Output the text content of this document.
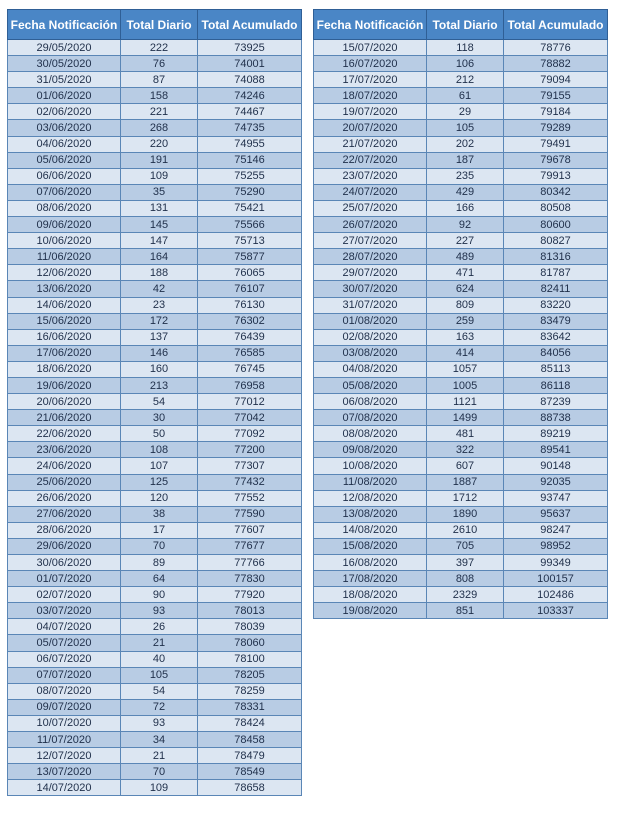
Fecha Notificación	Total Diario	Total Acumulado
29/05/2020	222	73925
30/05/2020	76	74001
31/05/2020	87	74088
01/06/2020	158	74246
02/06/2020	221	74467
03/06/2020	268	74735
04/06/2020	220	74955
05/06/2020	191	75146
06/06/2020	109	75255
07/06/2020	35	75290
08/06/2020	131	75421
09/06/2020	145	75566
10/06/2020	147	75713
11/06/2020	164	75877
12/06/2020	188	76065
13/06/2020	42	76107
14/06/2020	23	76130
15/06/2020	172	76302
16/06/2020	137	76439
17/06/2020	146	76585
18/06/2020	160	76745
19/06/2020	213	76958
20/06/2020	54	77012
21/06/2020	30	77042
22/06/2020	50	77092
23/06/2020	108	77200
24/06/2020	107	77307
25/06/2020	125	77432
26/06/2020	120	77552
27/06/2020	38	77590
28/06/2020	17	77607
29/06/2020	70	77677
30/06/2020	89	77766
01/07/2020	64	77830
02/07/2020	90	77920
03/07/2020	93	78013
04/07/2020	26	78039
05/07/2020	21	78060
06/07/2020	40	78100
07/07/2020	105	78205
08/07/2020	54	78259
09/07/2020	72	78331
10/07/2020	93	78424
11/07/2020	34	78458
12/07/2020	21	78479
13/07/2020	70	78549
14/07/2020	109	78658
Fecha Notificación	Total Diario	Total Acumulado
15/07/2020	118	78776
16/07/2020	106	78882
17/07/2020	212	79094
18/07/2020	61	79155
19/07/2020	29	79184
20/07/2020	105	79289
21/07/2020	202	79491
22/07/2020	187	79678
23/07/2020	235	79913
24/07/2020	429	80342
25/07/2020	166	80508
26/07/2020	92	80600
27/07/2020	227	80827
28/07/2020	489	81316
29/07/2020	471	81787
30/07/2020	624	82411
31/07/2020	809	83220
01/08/2020	259	83479
02/08/2020	163	83642
03/08/2020	414	84056
04/08/2020	1057	85113
05/08/2020	1005	86118
06/08/2020	1121	87239
07/08/2020	1499	88738
08/08/2020	481	89219
09/08/2020	322	89541
10/08/2020	607	90148
11/08/2020	1887	92035
12/08/2020	1712	93747
13/08/2020	1890	95637
14/08/2020	2610	98247
15/08/2020	705	98952
16/08/2020	397	99349
17/08/2020	808	100157
18/08/2020	2329	102486
19/08/2020	851	103337
